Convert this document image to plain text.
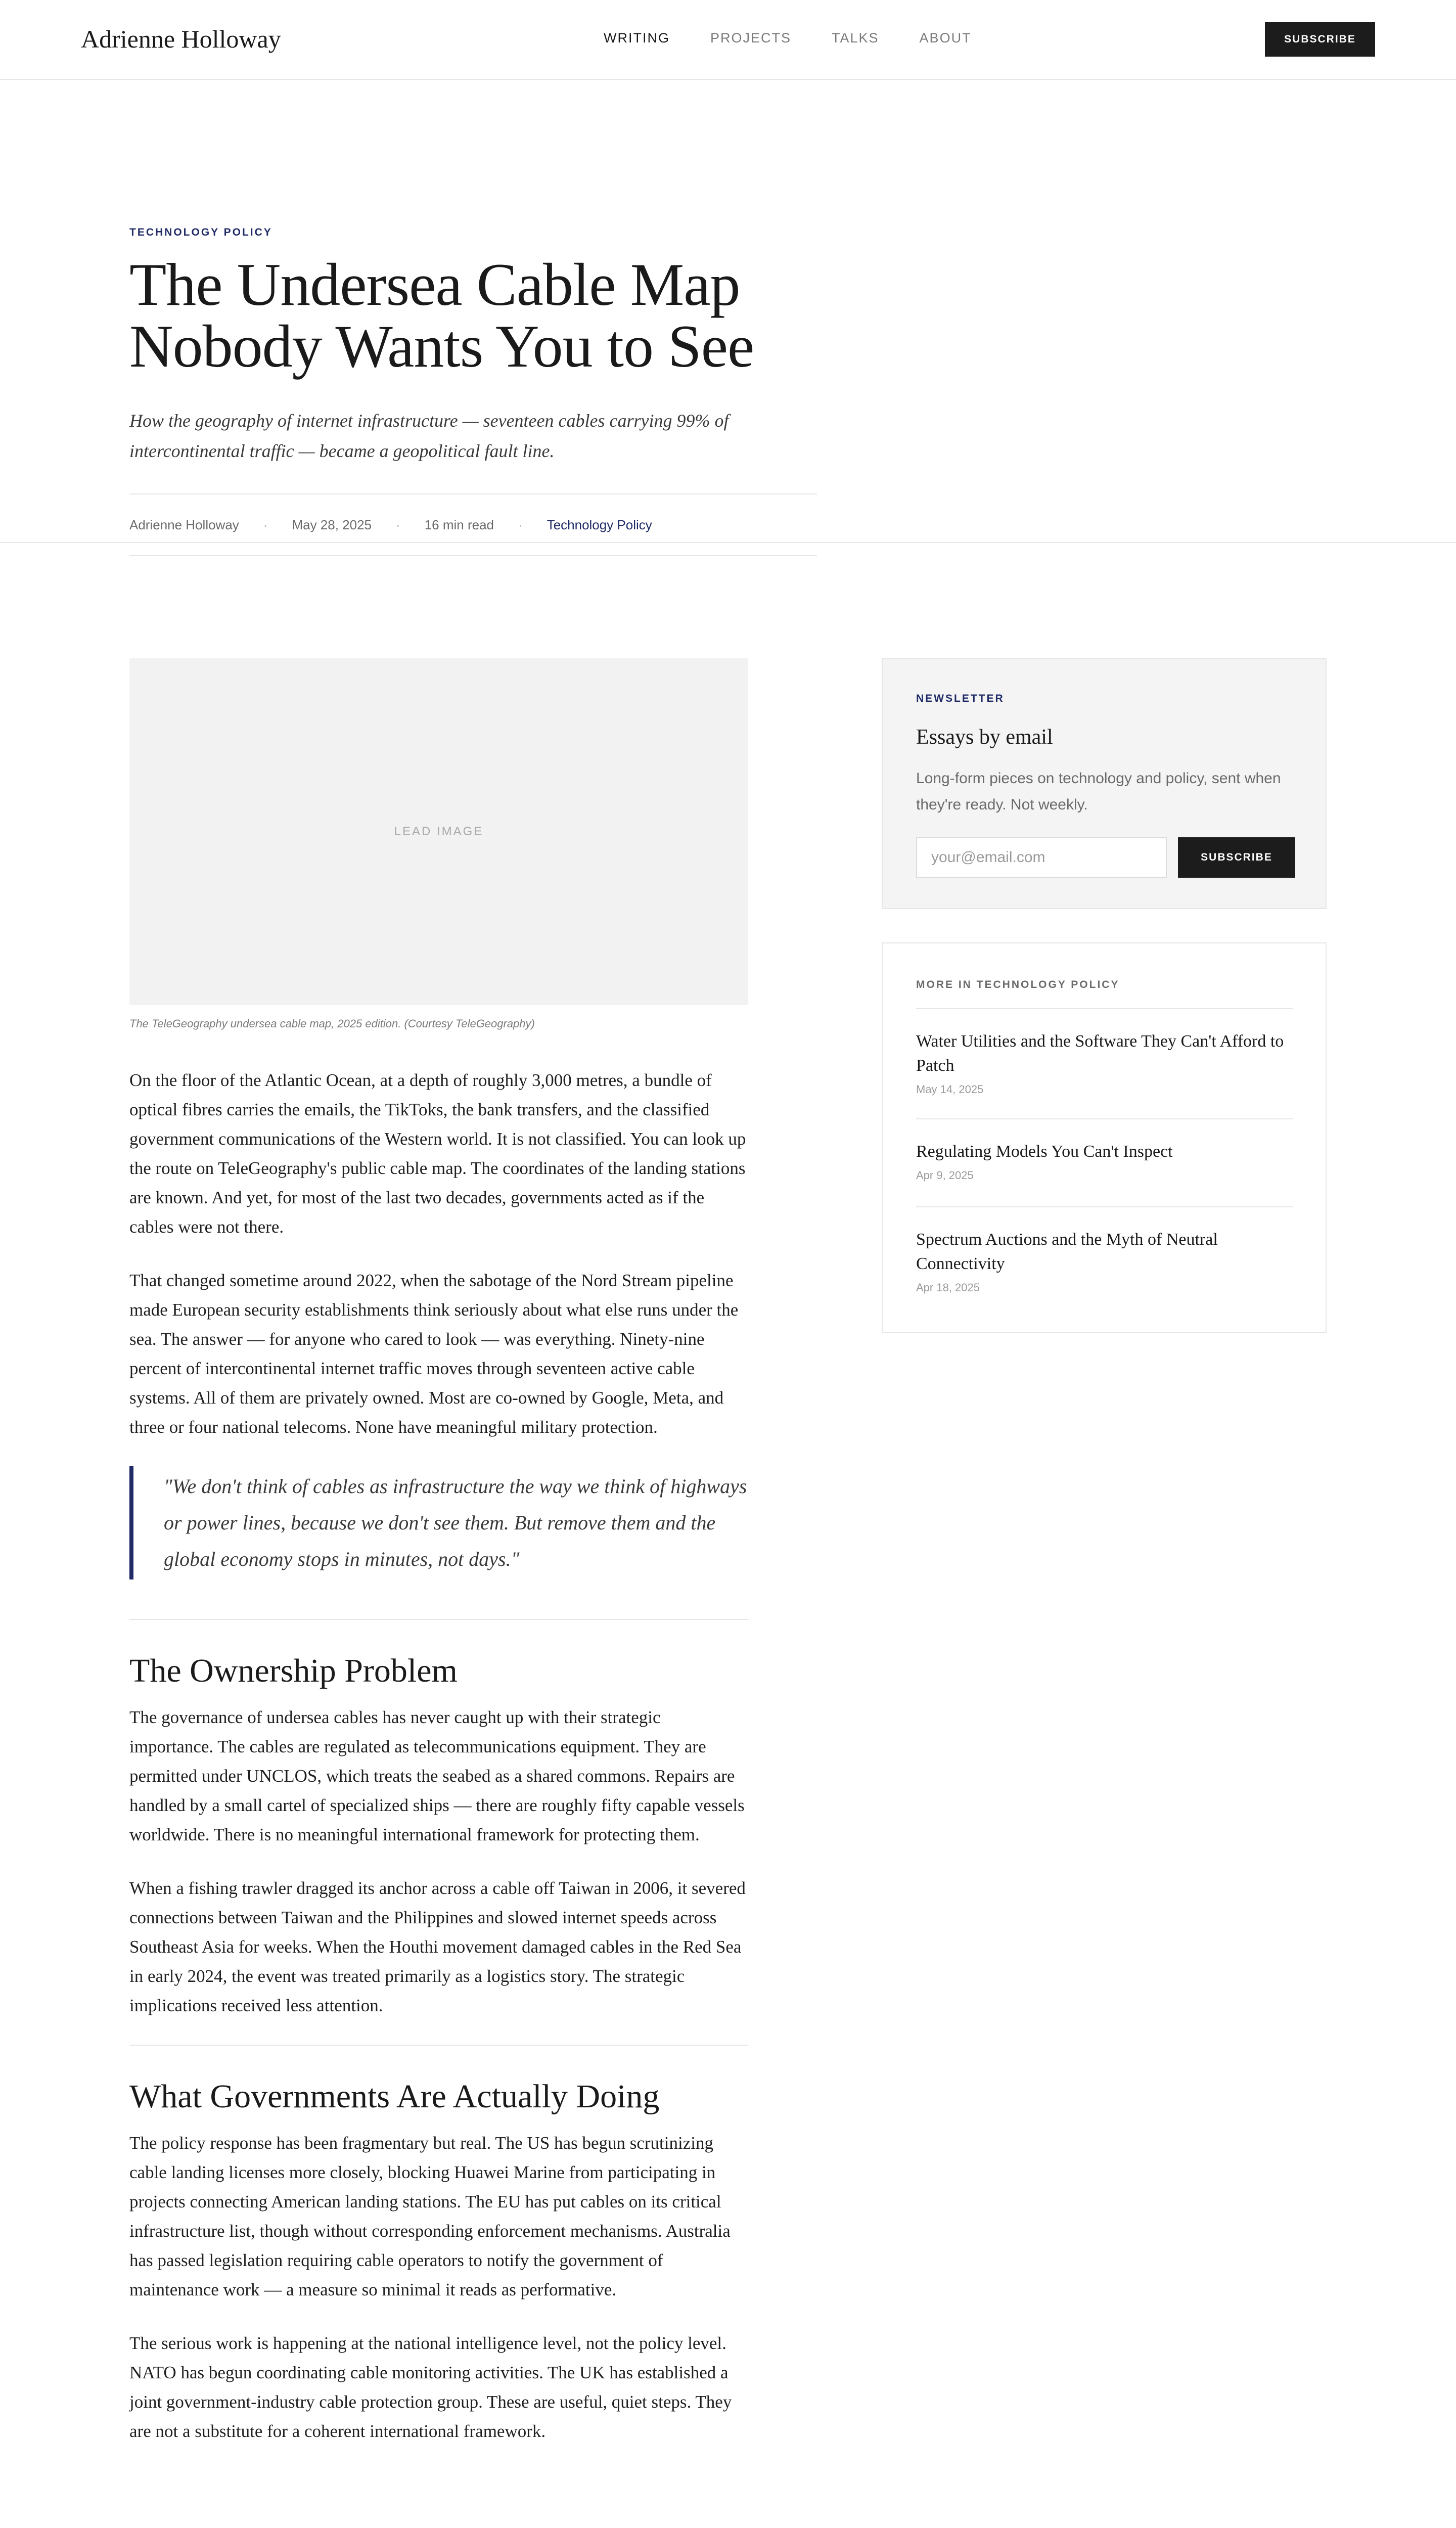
Adrienne Holloway	WRITING	PROJECTS	TALKS	ABOUT	SUBSCRIBE
TECHNOLOGY POLICY
The Undersea Cable Map Nobody Wants You to See

How the geography of internet infrastructure — seventeen cables carrying 99% of intercontinental traffic — became a geopolitical fault line.

Adrienne Holloway · May 28, 2025 · 16 min read · Technology Policy
LEAD IMAGE
The TeleGeography undersea cable map, 2025 edition. (Courtesy TeleGeography)

On the floor of the Atlantic Ocean, at a depth of roughly 3,000 metres, a bundle of optical fibres carries the emails, the TikToks, the bank transfers, and the classified government communications of the Western world. It is not classified. You can look up the route on TeleGeography's public cable map. The coordinates of the landing stations are known. And yet, for most of the last two decades, governments acted as if the cables were not there.

That changed sometime around 2022, when the sabotage of the Nord Stream pipeline made European security establishments think seriously about what else runs under the sea. The answer — for anyone who cared to look — was everything. Ninety-nine percent of intercontinental internet traffic moves through seventeen active cable systems. All of them are privately owned. Most are co-owned by Google, Meta, and three or four national telecoms. None have meaningful military protection.

"We don't think of cables as infrastructure the way we think of highways or power lines, because we don't see them. But remove them and the global economy stops in minutes, not days."
The Ownership Problem

The governance of undersea cables has never caught up with their strategic importance. The cables are regulated as telecommunications equipment. They are permitted under UNCLOS, which treats the seabed as a shared commons. Repairs are handled by a small cartel of specialized ships — there are roughly fifty capable vessels worldwide. There is no meaningful international framework for protecting them.

When a fishing trawler dragged its anchor across a cable off Taiwan in 2006, it severed connections between Taiwan and the Philippines and slowed internet speeds across Southeast Asia for weeks. When the Houthi movement damaged cables in the Red Sea in early 2024, the event was treated primarily as a logistics story. The strategic implications received less attention.

What Governments Are Actually Doing

The policy response has been fragmentary but real. The US has begun scrutinizing cable landing licenses more closely, blocking Huawei Marine from participating in projects connecting American landing stations. The EU has put cables on its critical infrastructure list, though without corresponding enforcement mechanisms. Australia has passed legislation requiring cable operators to notify the government of maintenance work — a measure so minimal it reads as performative.

The serious work is happening at the national intelligence level, not the policy level. NATO has begun coordinating cable monitoring activities. The UK has established a joint government-industry cable protection group. These are useful, quiet steps. They are not a substitute for a coherent international framework.

NEWSLETTER
Essays by email
Long-form pieces on technology and policy, sent when they're ready. Not weekly.
your@email.com
SUBSCRIBE
MORE IN TECHNOLOGY POLICY
Water Utilities and the Software They Can't Afford to Patch
May 14, 2025
Regulating Models You Can't Inspect
Apr 9, 2025
Spectrum Auctions and the Myth of Neutral Connectivity
Apr 18, 2025
